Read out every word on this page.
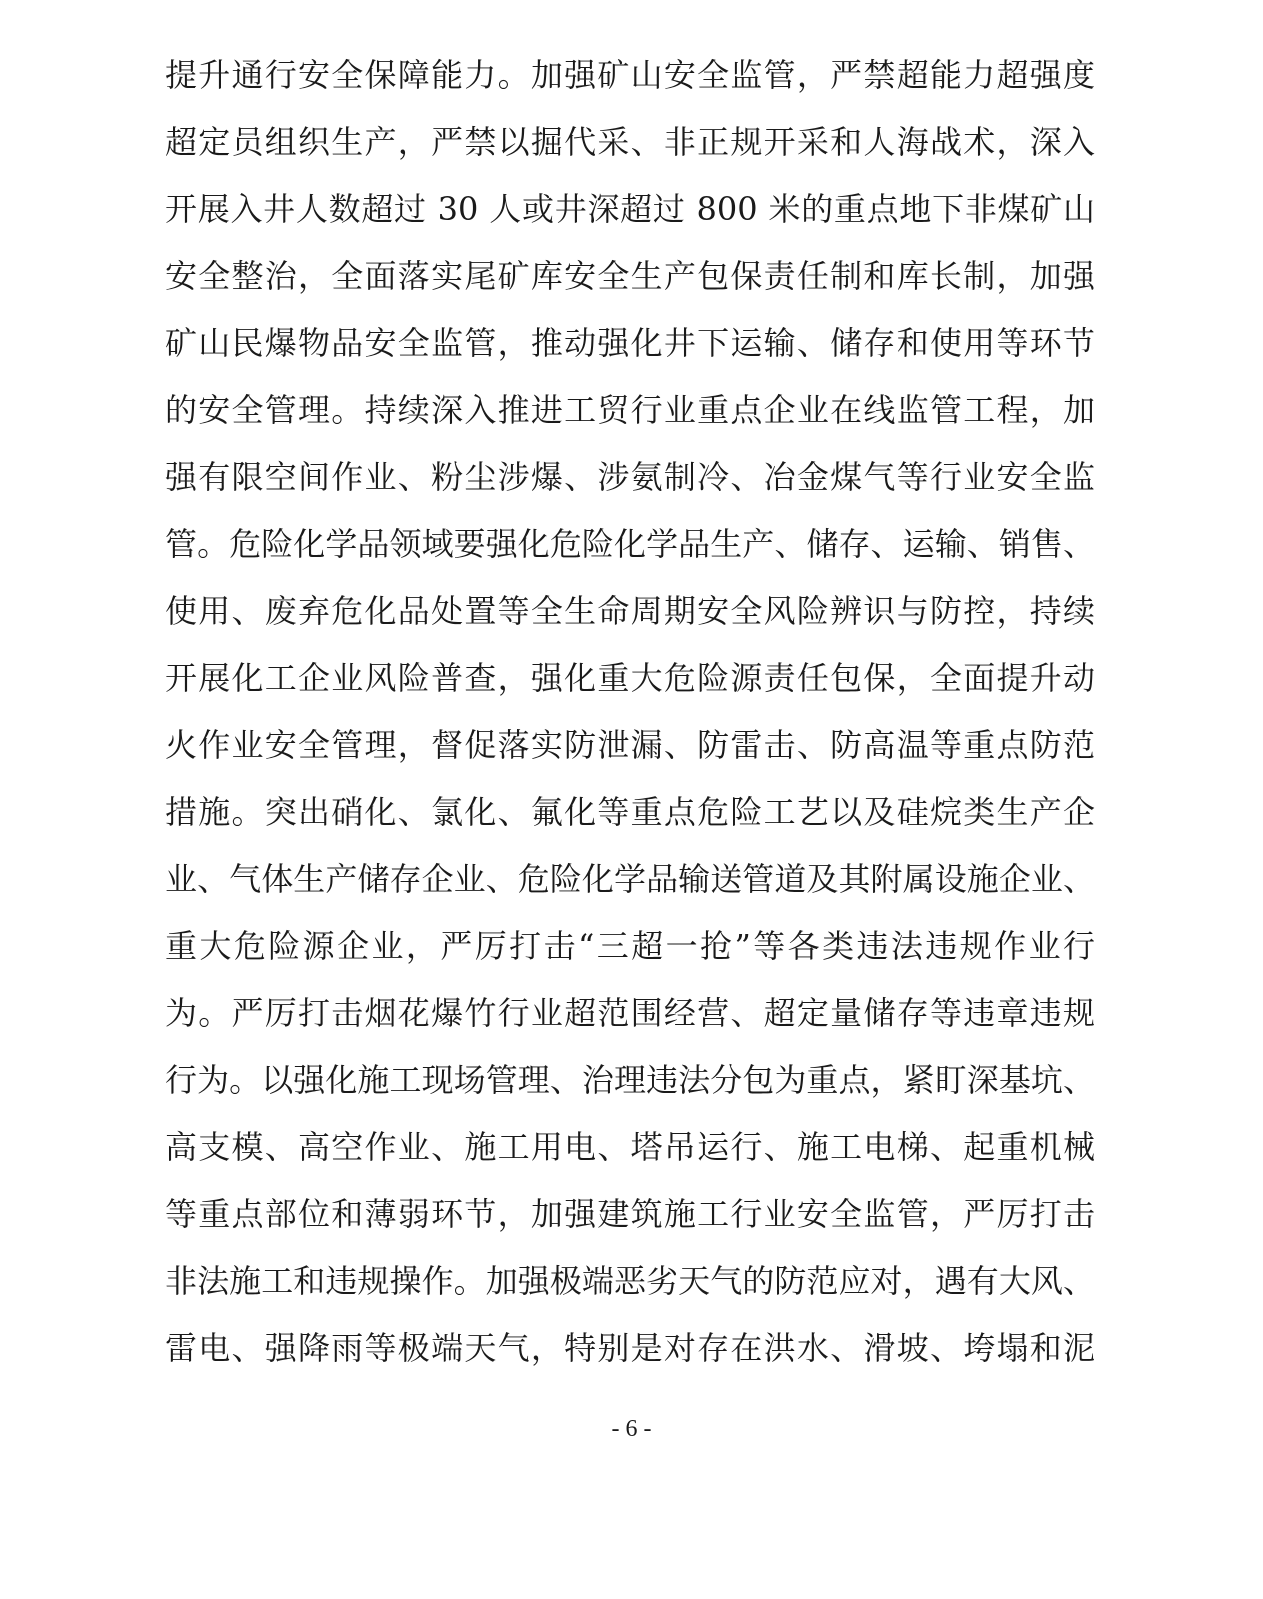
提升通行安全保障能力。加强矿山安全监管，严禁超能力超强度
超定员组织生产，严禁以掘代采、非正规开采和人海战术，深入
开展入井人数超过 30 人或井深超过 800 米的重点地下非煤矿山
安全整治，全面落实尾矿库安全生产包保责任制和库长制，加强
矿山民爆物品安全监管，推动强化井下运输、储存和使用等环节
的安全管理。持续深入推进工贸行业重点企业在线监管工程，加
强有限空间作业、粉尘涉爆、涉氨制冷、冶金煤气等行业安全监
管。危险化学品领域要强化危险化学品生产、储存、运输、销售、
使用、废弃危化品处置等全生命周期安全风险辨识与防控，持续
开展化工企业风险普查，强化重大危险源责任包保，全面提升动
火作业安全管理，督促落实防泄漏、防雷击、防高温等重点防范
措施。突出硝化、氯化、氟化等重点危险工艺以及硅烷类生产企
业、气体生产储存企业、危险化学品输送管道及其附属设施企业、
重大危险源企业，严厉打击“三超一抢”等各类违法违规作业行
为。严厉打击烟花爆竹行业超范围经营、超定量储存等违章违规
行为。以强化施工现场管理、治理违法分包为重点，紧盯深基坑、
高支模、高空作业、施工用电、塔吊运行、施工电梯、起重机械
等重点部位和薄弱环节，加强建筑施工行业安全监管，严厉打击
非法施工和违规操作。加强极端恶劣天气的防范应对，遇有大风、
雷电、强降雨等极端天气，特别是对存在洪水、滑坡、垮塌和泥
- 6 -
